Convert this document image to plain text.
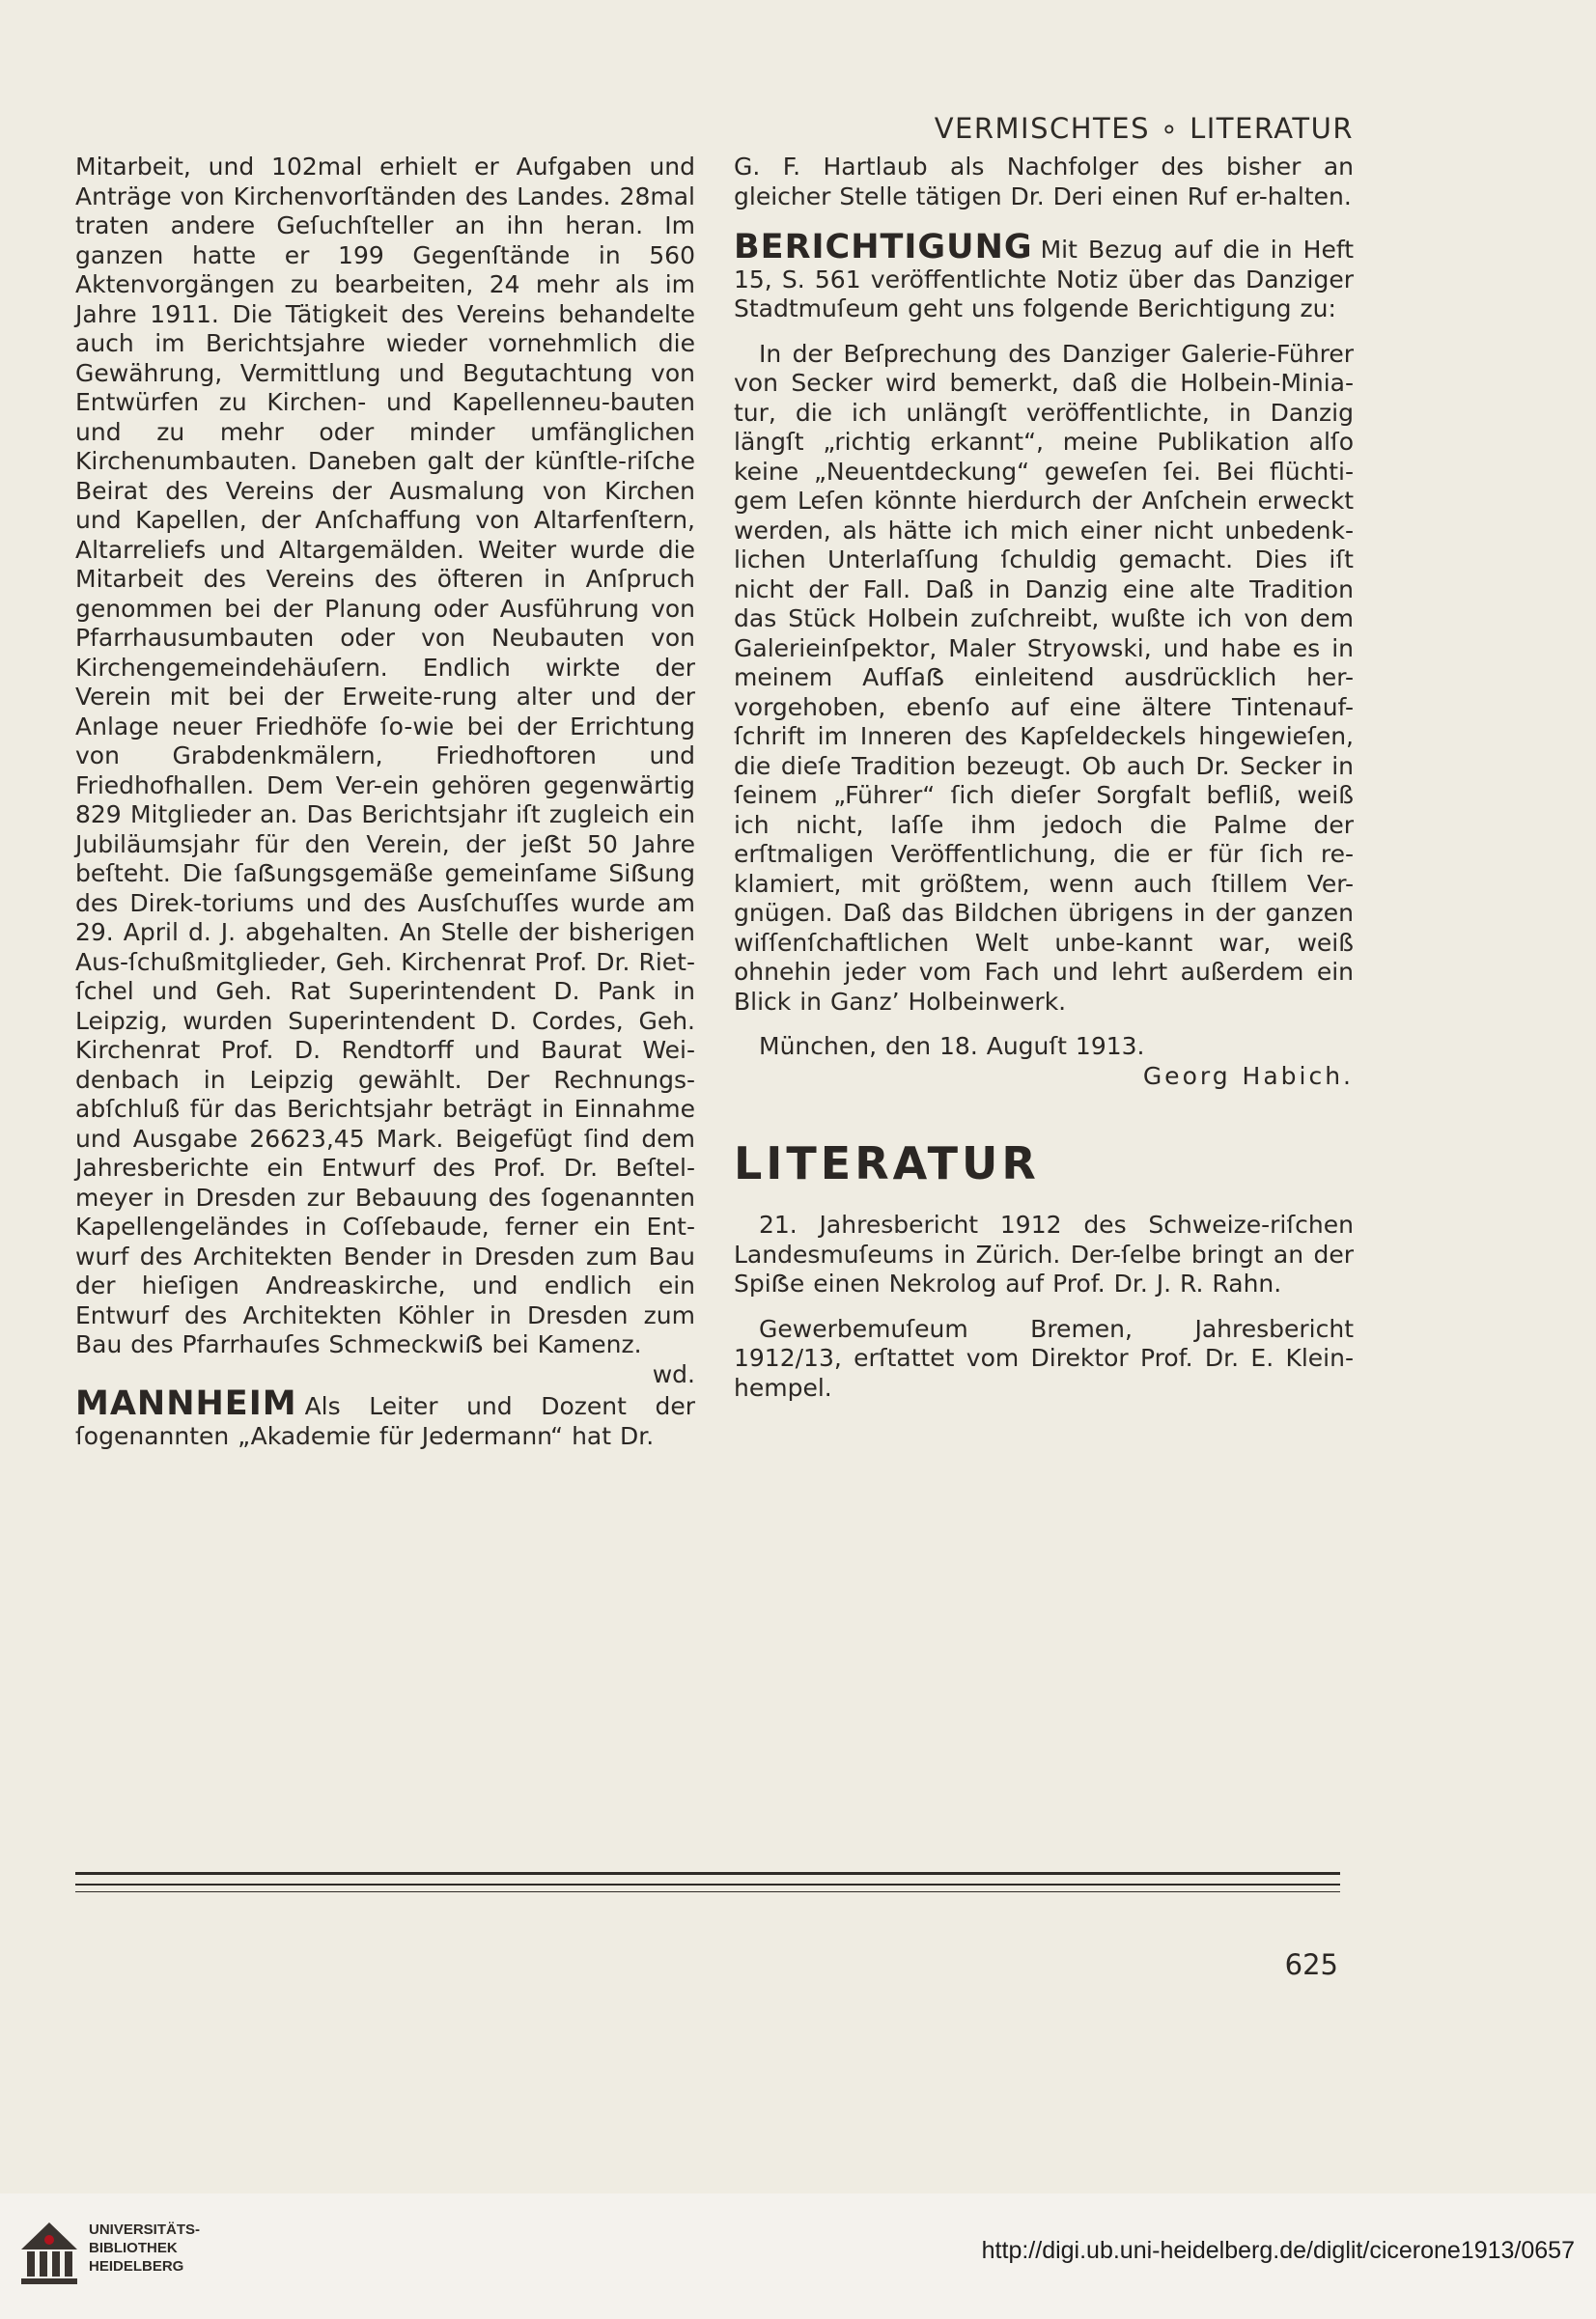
VERMISCHTES ∘ LITERATUR

Mitarbeit, und 102mal erhielt er Aufgaben und Anträge von Kirchenvorſtänden des Landes. 28mal traten andere Geſuchſteller an ihn heran. Im ganzen hatte er 199 Gegenſtände in 560 Aktenvorgängen zu bearbeiten, 24 mehr als im Jahre 1911. Die Tätigkeit des Vereins behandelte auch im Berichtsjahre wieder vornehmlich die Gewährung, Vermittlung und Begutachtung von Entwürfen zu Kirchen- und Kapellenneu-bauten und zu mehr oder minder umfänglichen Kirchenumbauten. Daneben galt der künſtle-riſche Beirat des Vereins der Ausmalung von Kirchen und Kapellen, der Anſchaffung von Altarfenſtern, Altarreliefs und Altargemälden. Weiter wurde die Mitarbeit des Vereins des öfteren in Anſpruch genommen bei der Planung oder Ausführung von Pfarrhausumbauten oder von Neubauten von Kirchengemeindehäuſern. Endlich wirkte der Verein mit bei der Erweite-rung alter und der Anlage neuer Friedhöfe ſo-wie bei der Errichtung von Grabdenkmälern, Friedhoftoren und Friedhofhallen. Dem Ver-ein gehören gegenwärtig 829 Mitglieder an. Das Berichtsjahr iſt zugleich ein Jubiläumsjahr für den Verein, der jeẞt 50 Jahre beſteht. Die ſaẞungsgemäße gemeinſame Siẞung des Direk-toriums und des Ausſchuſſes wurde am 29. April d. J. abgehalten. An Stelle der bisherigen Aus-ſchußmitglieder, Geh. Kirchenrat Prof. Dr. Riet-ſchel und Geh. Rat Superintendent D. Pank in Leipzig, wurden Superintendent D. Cordes, Geh. Kirchenrat Prof. D. Rendtorff und Baurat Wei-denbach in Leipzig gewählt. Der Rechnungs-abſchluß für das Berichtsjahr beträgt in Einnahme und Ausgabe 26623,45 Mark. Beigefügt ſind dem Jahresberichte ein Entwurf des Prof. Dr. Beſtel-meyer in Dresden zur Bebauung des ſogenannten Kapellengeländes in Coſſebaude, ferner ein Ent-wurf des Architekten Bender in Dresden zum Bau der hieſigen Andreaskirche, und endlich ein Entwurf des Architekten Köhler in Dresden zum Bau des Pfarrhauſes Schmeckwiẞ bei Kamenz.

wd.

MANNHEIM Als Leiter und Dozent der ſogenannten „Akademie für Jedermann“ hat Dr.

G. F. Hartlaub als Nachfolger des bisher an gleicher Stelle tätigen Dr. Deri einen Ruf er-halten.

BERICHTIGUNG Mit Bezug auf die in Heft 15, S. 561 veröffentlichte Notiz über das Danziger Stadtmuſeum geht uns folgende Berichtigung zu:

In der Beſprechung des Danziger Galerie-Führer von Secker wird bemerkt, daß die Holbein-Minia-tur, die ich unlängſt veröffentlichte, in Danzig längſt „richtig erkannt“, meine Publikation alſo keine „Neuentdeckung“ geweſen ſei. Bei flüchti-gem Leſen könnte hierdurch der Anſchein erweckt werden, als hätte ich mich einer nicht unbedenk-lichen Unterlaſſung ſchuldig gemacht. Dies iſt nicht der Fall. Daß in Danzig eine alte Tradition das Stück Holbein zuſchreibt, wußte ich von dem Galerieinſpektor, Maler Stryowski, und habe es in meinem Aufſaẞ einleitend ausdrücklich her-vorgehoben, ebenſo auf eine ältere Tintenauf-ſchrift im Inneren des Kapſeldeckels hingewieſen, die dieſe Tradition bezeugt. Ob auch Dr. Secker in ſeinem „Führer“ ſich dieſer Sorgfalt befliß, weiß ich nicht, laſſe ihm jedoch die Palme der erſtmaligen Veröffentlichung, die er für ſich re-klamiert, mit größtem, wenn auch ſtillem Ver-gnügen. Daß das Bildchen übrigens in der ganzen wiſſenſchaftlichen Welt unbe-kannt war, weiß ohnehin jeder vom Fach und lehrt außerdem ein Blick in Ganz’ Holbeinwerk.

München, den 18. Auguſt 1913.

Georg Habich.

LITERATUR

21. Jahresbericht 1912 des Schweize-riſchen Landesmuſeums in Zürich. Der-ſelbe bringt an der Spiẞe einen Nekrolog auf Prof. Dr. J. R. Rahn.

Gewerbemuſeum Bremen, Jahresbericht 1912/13, erſtattet vom Direktor Prof. Dr. E. Klein-hempel.

625
UNIVERSITÄTS-
BIBLIOTHEK
HEIDELBERG
http://digi.ub.uni-heidelberg.de/diglit/cicerone1913/0657
